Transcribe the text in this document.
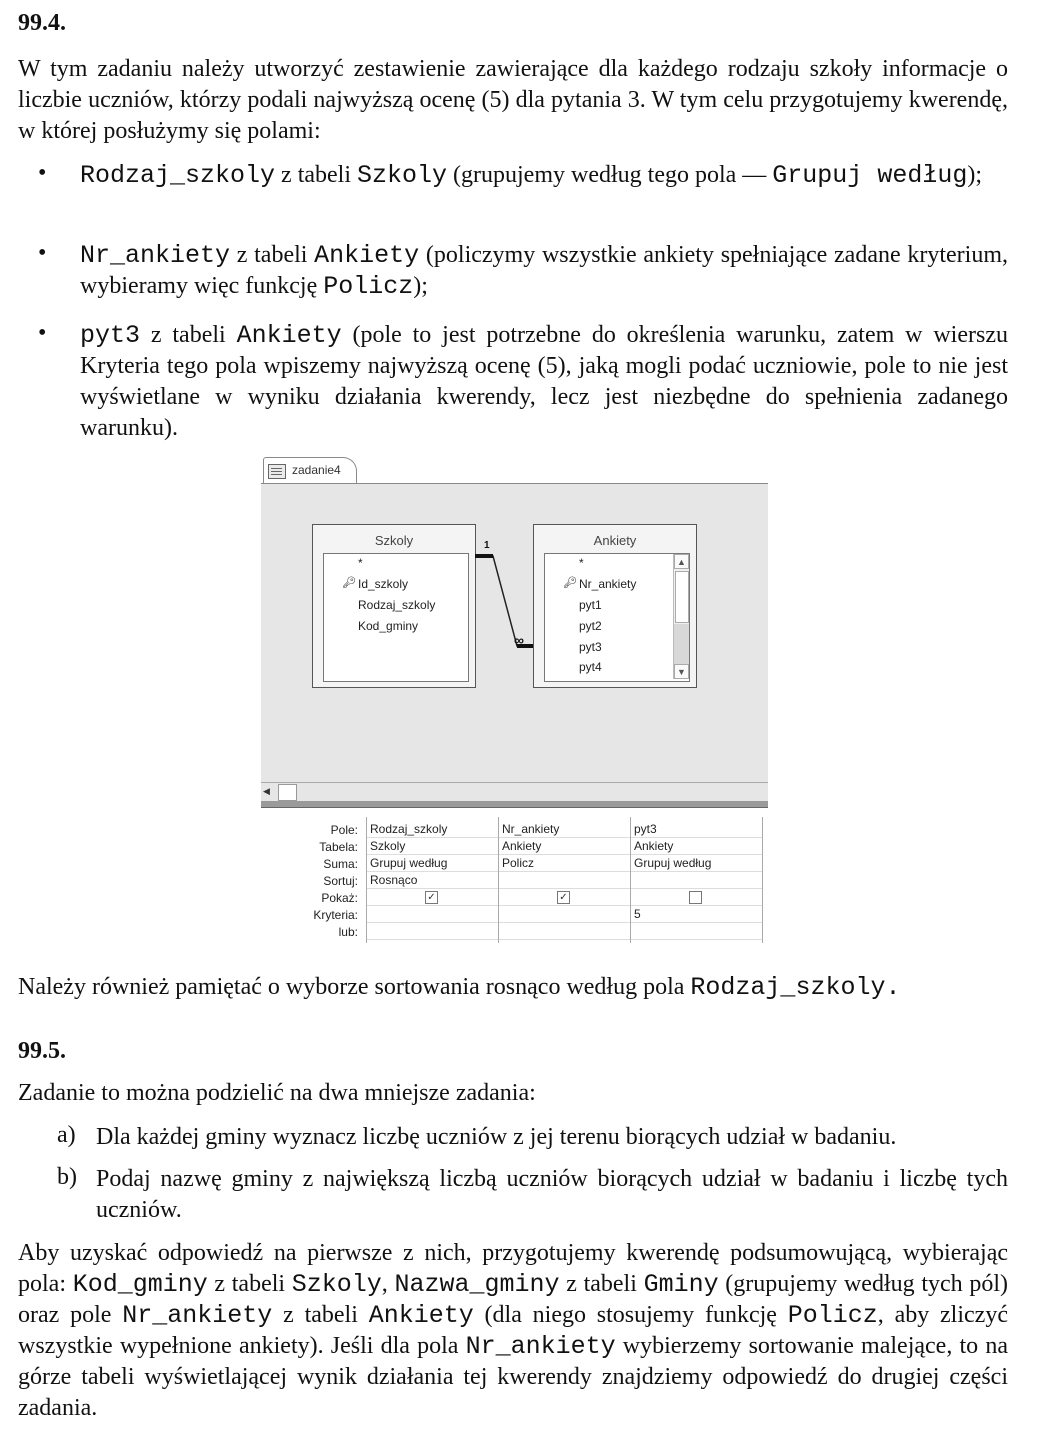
99.4.
W tym zadaniu należy utworzyć zestawienie zawierające dla każdego rodzaju szkoły informacje o liczbie uczniów, którzy podali najwyższą ocenę (5) dla pytania 3. W tym celu przygotujemy kwerendę, w której posłużymy się polami:
• Rodzaj_szkoly z tabeli Szkoly (grupujemy według tego pola — Grupuj według);
• Nr_ankiety z tabeli Ankiety (policzymy wszystkie ankiety spełniające zadane kryterium, wybieramy więc funkcję Policz);
• pyt3 z tabeli Ankiety (pole to jest potrzebne do określenia warunku, zatem w wierszu Kryteria tego pola wpiszemy najwyższą ocenę (5), jaką mogli podać uczniowie, pole to nie jest wyświetlane w wyniku działania kwerendy, lecz jest niezbędne do spełnienia zadanego warunku).
zadanie4
Szkoly
*
🔑︎ Id_szkoly
Rodzaj_szkoly
Kod_gminy
Ankiety
*
🔑︎ Nr_ankiety
pyt1
pyt2
pyt3
pyt4
▲
▼
1
∞
◀
Pole:
Tabela:
Suma:
Sortuj:
Pokaż:
Kryteria:
lub:
Rodzaj_szkoly
Szkoly
Grupuj według
Rosnąco
✓
Nr_ankiety
Ankiety
Policz
✓
pyt3
Ankiety
Grupuj według
5
Należy również pamiętać o wyborze sortowania rosnąco według pola Rodzaj_szkoly.
99.5.
Zadanie to można podzielić na dwa mniejsze zadania:
a) Dla każdej gminy wyznacz liczbę uczniów z jej terenu biorących udział w badaniu.
b) Podaj nazwę gminy z największą liczbą uczniów biorących udział w badaniu i liczbę tych uczniów.
Aby uzyskać odpowiedź na pierwsze z nich, przygotujemy kwerendę podsumowującą, wybierając pola: Kod_gminy z tabeli Szkoly, Nazwa_gminy z tabeli Gminy (grupujemy według tych pól) oraz pole Nr_ankiety z tabeli Ankiety (dla niego stosujemy funkcję Policz, aby zliczyć wszystkie wypełnione ankiety). Jeśli dla pola Nr_ankiety wybierzemy sortowanie malejące, to na górze tabeli wyświetlającej wynik działania tej kwerendy znajdziemy odpowiedź do drugiej części zadania.
